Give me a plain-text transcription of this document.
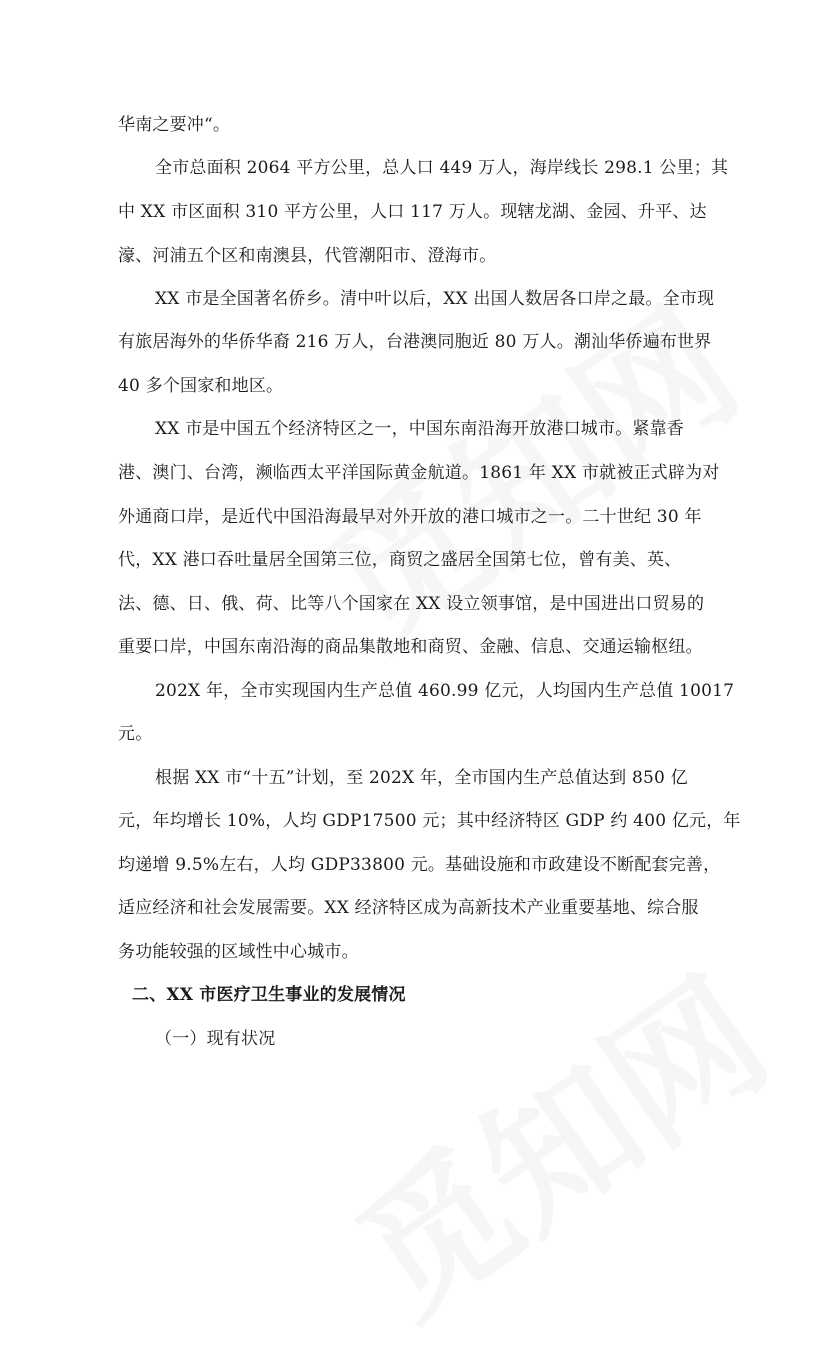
华南之要冲“。
全市总面积 2064 平方公里，总人口 449 万人，海岸线长 298.1 公里；其
中 XX 市区面积 310 平方公里，人口 117 万人。现辖龙湖、金园、升平、达
濠、河浦五个区和南澳县，代管潮阳市、澄海市。
XX 市是全国著名侨乡。清中叶以后，XX 出国人数居各口岸之最。全市现
有旅居海外的华侨华裔 216 万人，台港澳同胞近 80 万人。潮汕华侨遍布世界
40 多个国家和地区。
XX 市是中国五个经济特区之一，中国东南沿海开放港口城市。紧靠香
港、澳门、台湾，濒临西太平洋国际黄金航道。1861 年 XX 市就被正式辟为对
外通商口岸，是近代中国沿海最早对外开放的港口城市之一。二十世纪 30 年
代，XX 港口吞吐量居全国第三位，商贸之盛居全国第七位，曾有美、英、
法、德、日、俄、荷、比等八个国家在 XX 设立领事馆，是中国进出口贸易的
重要口岸，中国东南沿海的商品集散地和商贸、金融、信息、交通运输枢纽。
202X 年，全市实现国内生产总值 460.99 亿元，人均国内生产总值 10017
元。
根据 XX 市“十五”计划，至 202X 年，全市国内生产总值达到 850 亿
元，年均增长 10%，人均 GDP17500 元；其中经济特区 GDP 约 400 亿元，年
均递增 9.5%左右，人均 GDP33800 元。基础设施和市政建设不断配套完善，
适应经济和社会发展需要。XX 经济特区成为高新技术产业重要基地、综合服
务功能较强的区域性中心城市。
二、XX 市医疗卫生事业的发展情况
（一）现有状况
